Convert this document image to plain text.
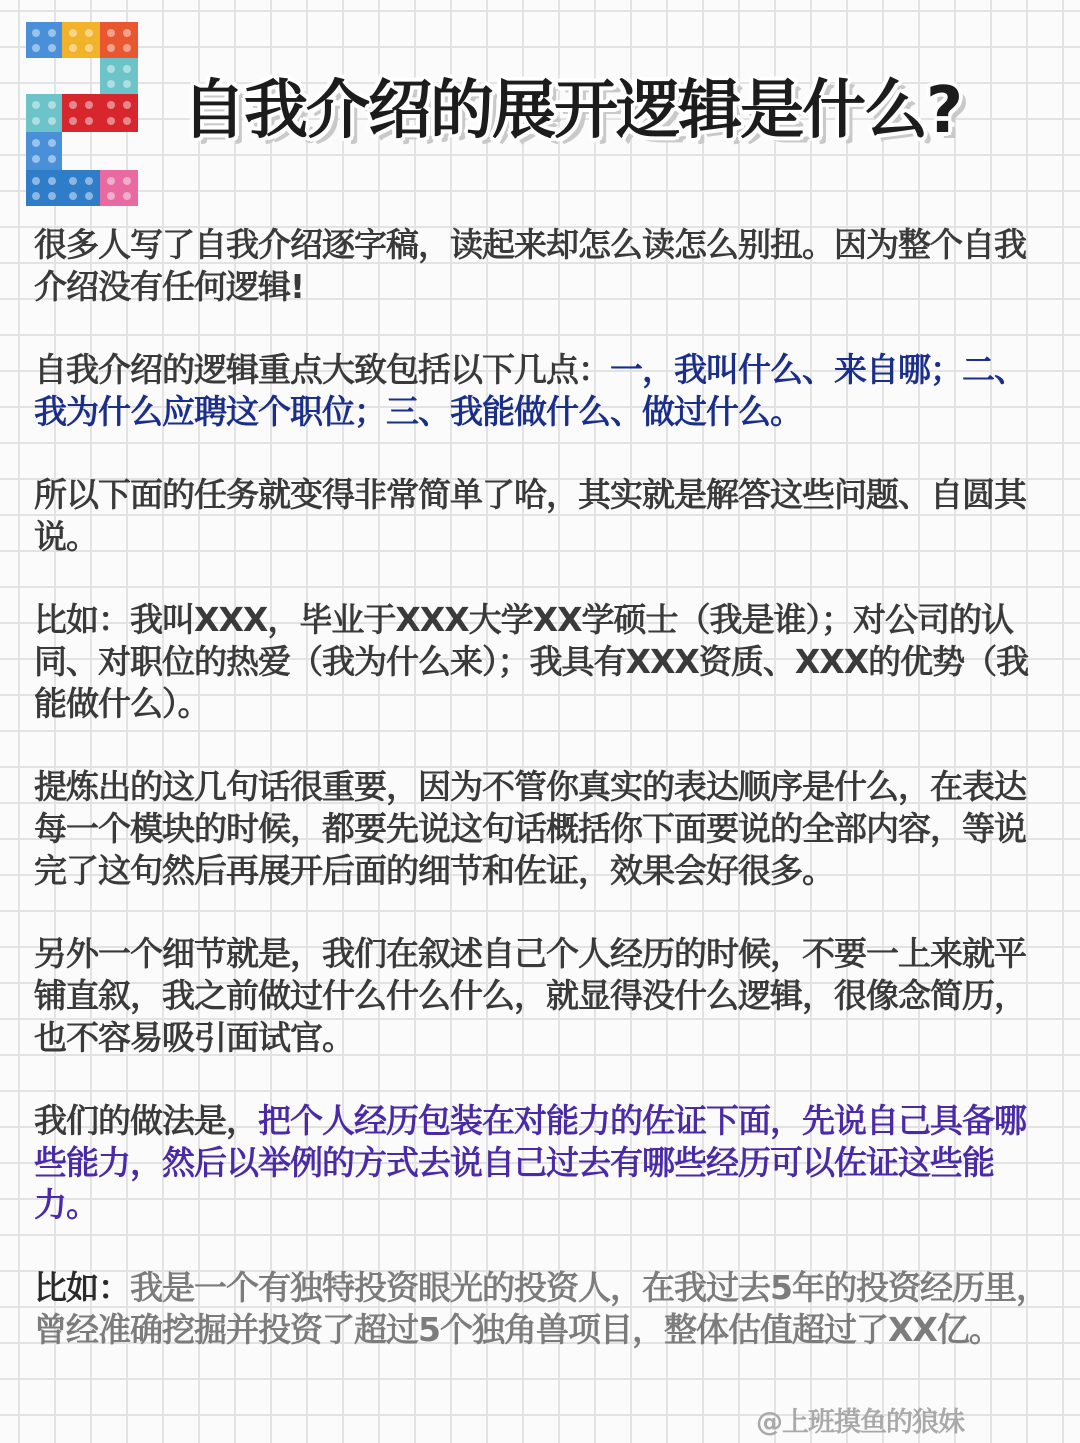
自我介绍的展开逻辑是什么?

很多人写了自我介绍逐字稿，读起来却怎么读怎么别扭。因为整个自我介绍没有任何逻辑!

自我介绍的逻辑重点大致包括以下几点：一，我叫什么、来自哪；二、我为什么应聘这个职位；三、我能做什么、做过什么。

所以下面的任务就变得非常简单了哈，其实就是解答这些问题、自圆其说。

比如：我叫XXX，毕业于XXX大学XX学硕士（我是谁）；对公司的认同、对职位的热爱（我为什么来）；我具有XXX资质、XXX的优势（我能做什么）。

提炼出的这几句话很重要，因为不管你真实的表达顺序是什么，在表达每一个模块的时候，都要先说这句话概括你下面要说的全部内容，等说完了这句然后再展开后面的细节和佐证，效果会好很多。

另外一个细节就是，我们在叙述自己个人经历的时候，不要一上来就平铺直叙，我之前做过什么什么什么，就显得没什么逻辑，很像念简历，也不容易吸引面试官。

我们的做法是，把个人经历包装在对能力的佐证下面，先说自己具备哪些能力，然后以举例的方式去说自己过去有哪些经历可以佐证这些能力。

比如：我是一个有独特投资眼光的投资人，在我过去5年的投资经历里，曾经准确挖掘并投资了超过5个独角兽项目，整体估值超过了XX亿。

@上班摸鱼的狼妹
